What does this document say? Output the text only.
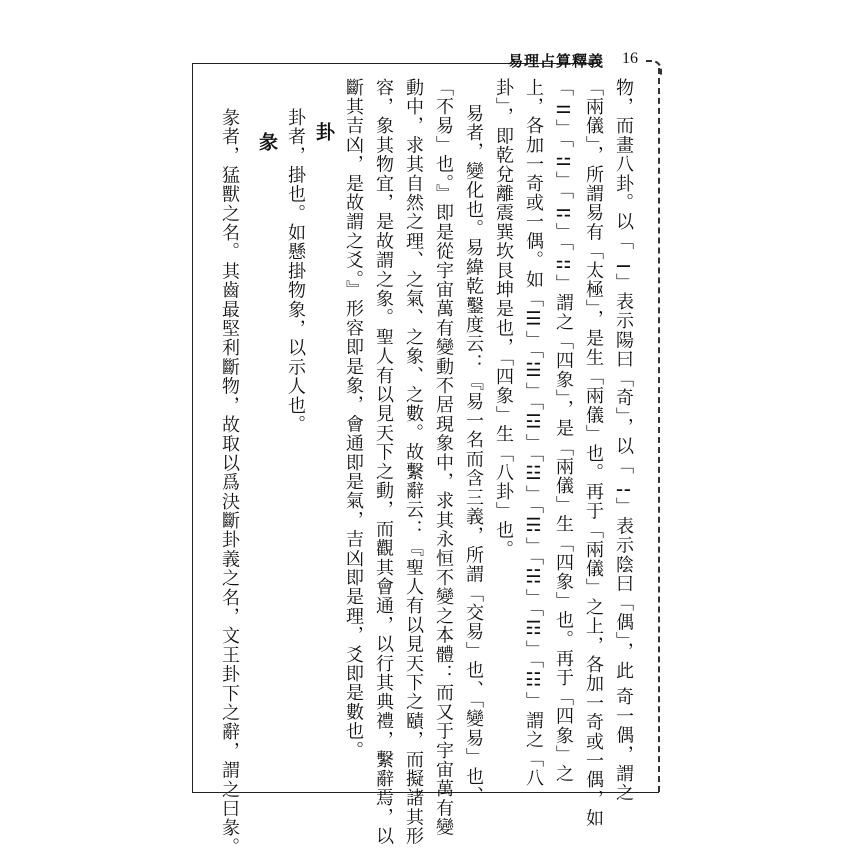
易理占算釋義 16
物，而畫八卦。以「⚊」表示陽曰「奇」，以「⚋」表示陰曰「偶」，此 奇一偶，謂之
「兩儀」，所謂易有「太極」，是生「兩儀」也。再于「兩儀」之上，各加一奇或一偶，如
「⚌」「⚍」「⚎」「⚏」謂之「四象」，是「兩儀」生「四象」也。再于「四象」之
上，各加一奇或一偶。如「☰」「☱」「☲」「☳」「☴」「☵」「☶」「☷」謂之「八
卦」，即乾兌離震巽坎艮坤是也，「四象」生「八卦」也。
易者，變化也。易緯乾鑿度云：『易一名而含三義，所謂「交易」也、「變易」也、
「不易」也。』即是從宇宙萬有變動不居現象中，求其永恒不變之本體：而又于宇宙萬有變
動中，求其自然之理、之氣、之象、之數。故繫辭云：『聖人有以見天下之賾，而擬諸其形
容，象其物宜，是故謂之象。聖人有以見天下之動，而觀其會通，以行其典禮，繫辭焉，以
斷其吉凶，是故謂之爻。』形容即是象，會通即是氣，吉凶即是理，爻即是數也。
卦
卦者，掛也。如懸掛物象，以示人也。
彖
彖者，猛獸之名。其齒最堅利斷物，故取以爲決斷卦義之名，文王卦下之辭，謂之曰彖。
